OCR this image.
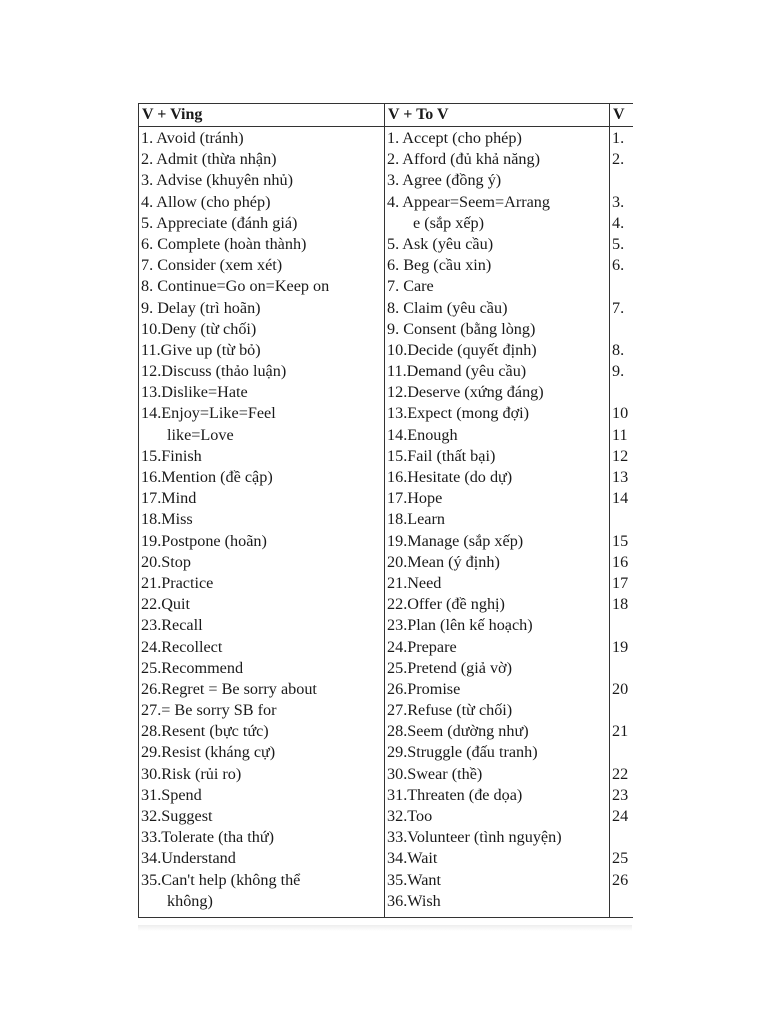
V + Ving
1. Avoid (tránh)
2. Admit (thừa nhận)
3. Advise (khuyên nhủ)
4. Allow (cho phép)
5. Appreciate (đánh giá)
6. Complete (hoàn thành)
7. Consider (xem xét)
8. Continue=Go on=Keep on
9. Delay (trì hoãn)
10.Deny (từ chối)
11.Give up (từ bỏ)
12.Discuss (thảo luận)
13.Dislike=Hate
14.Enjoy=Like=Feel
like=Love
15.Finish
16.Mention (đề cập)
17.Mind
18.Miss
19.Postpone (hoãn)
20.Stop
21.Practice
22.Quit
23.Recall
24.Recollect
25.Recommend
26.Regret = Be sorry about
27.= Be sorry SB for
28.Resent (bực tức)
29.Resist (kháng cự)
30.Risk (rủi ro)
31.Spend
32.Suggest
33.Tolerate (tha thứ)
34.Understand
35.Can't help (không thể
không)
V + To V
1. Accept (cho phép)
2. Afford (đủ khả năng)
3. Agree (đồng ý)
4. Appear=Seem=Arrang
e (sắp xếp)
5. Ask (yêu cầu)
6. Beg (cầu xin)
7. Care
8. Claim (yêu cầu)
9. Consent (bằng lòng)
10.Decide (quyết định)
11.Demand (yêu cầu)
12.Deserve (xứng đáng)
13.Expect (mong đợi)
14.Enough
15.Fail (thất bại)
16.Hesitate (do dự)
17.Hope
18.Learn
19.Manage (sắp xếp)
20.Mean (ý định)
21.Need
22.Offer (đề nghị)
23.Plan (lên kế hoạch)
24.Prepare
25.Pretend (giả vờ)
26.Promise
27.Refuse (từ chối)
28.Seem (dường như)
29.Struggle (đấu tranh)
30.Swear (thề)
31.Threaten (đe dọa)
32.Too
33.Volunteer (tình nguyện)
34.Wait
35.Want
36.Wish
V
1.
2.
3.
4.
5.
6.
7.
8.
9.
10
11
12
13
14
15
16
17
18
19
20
21
22
23
24
25
26
